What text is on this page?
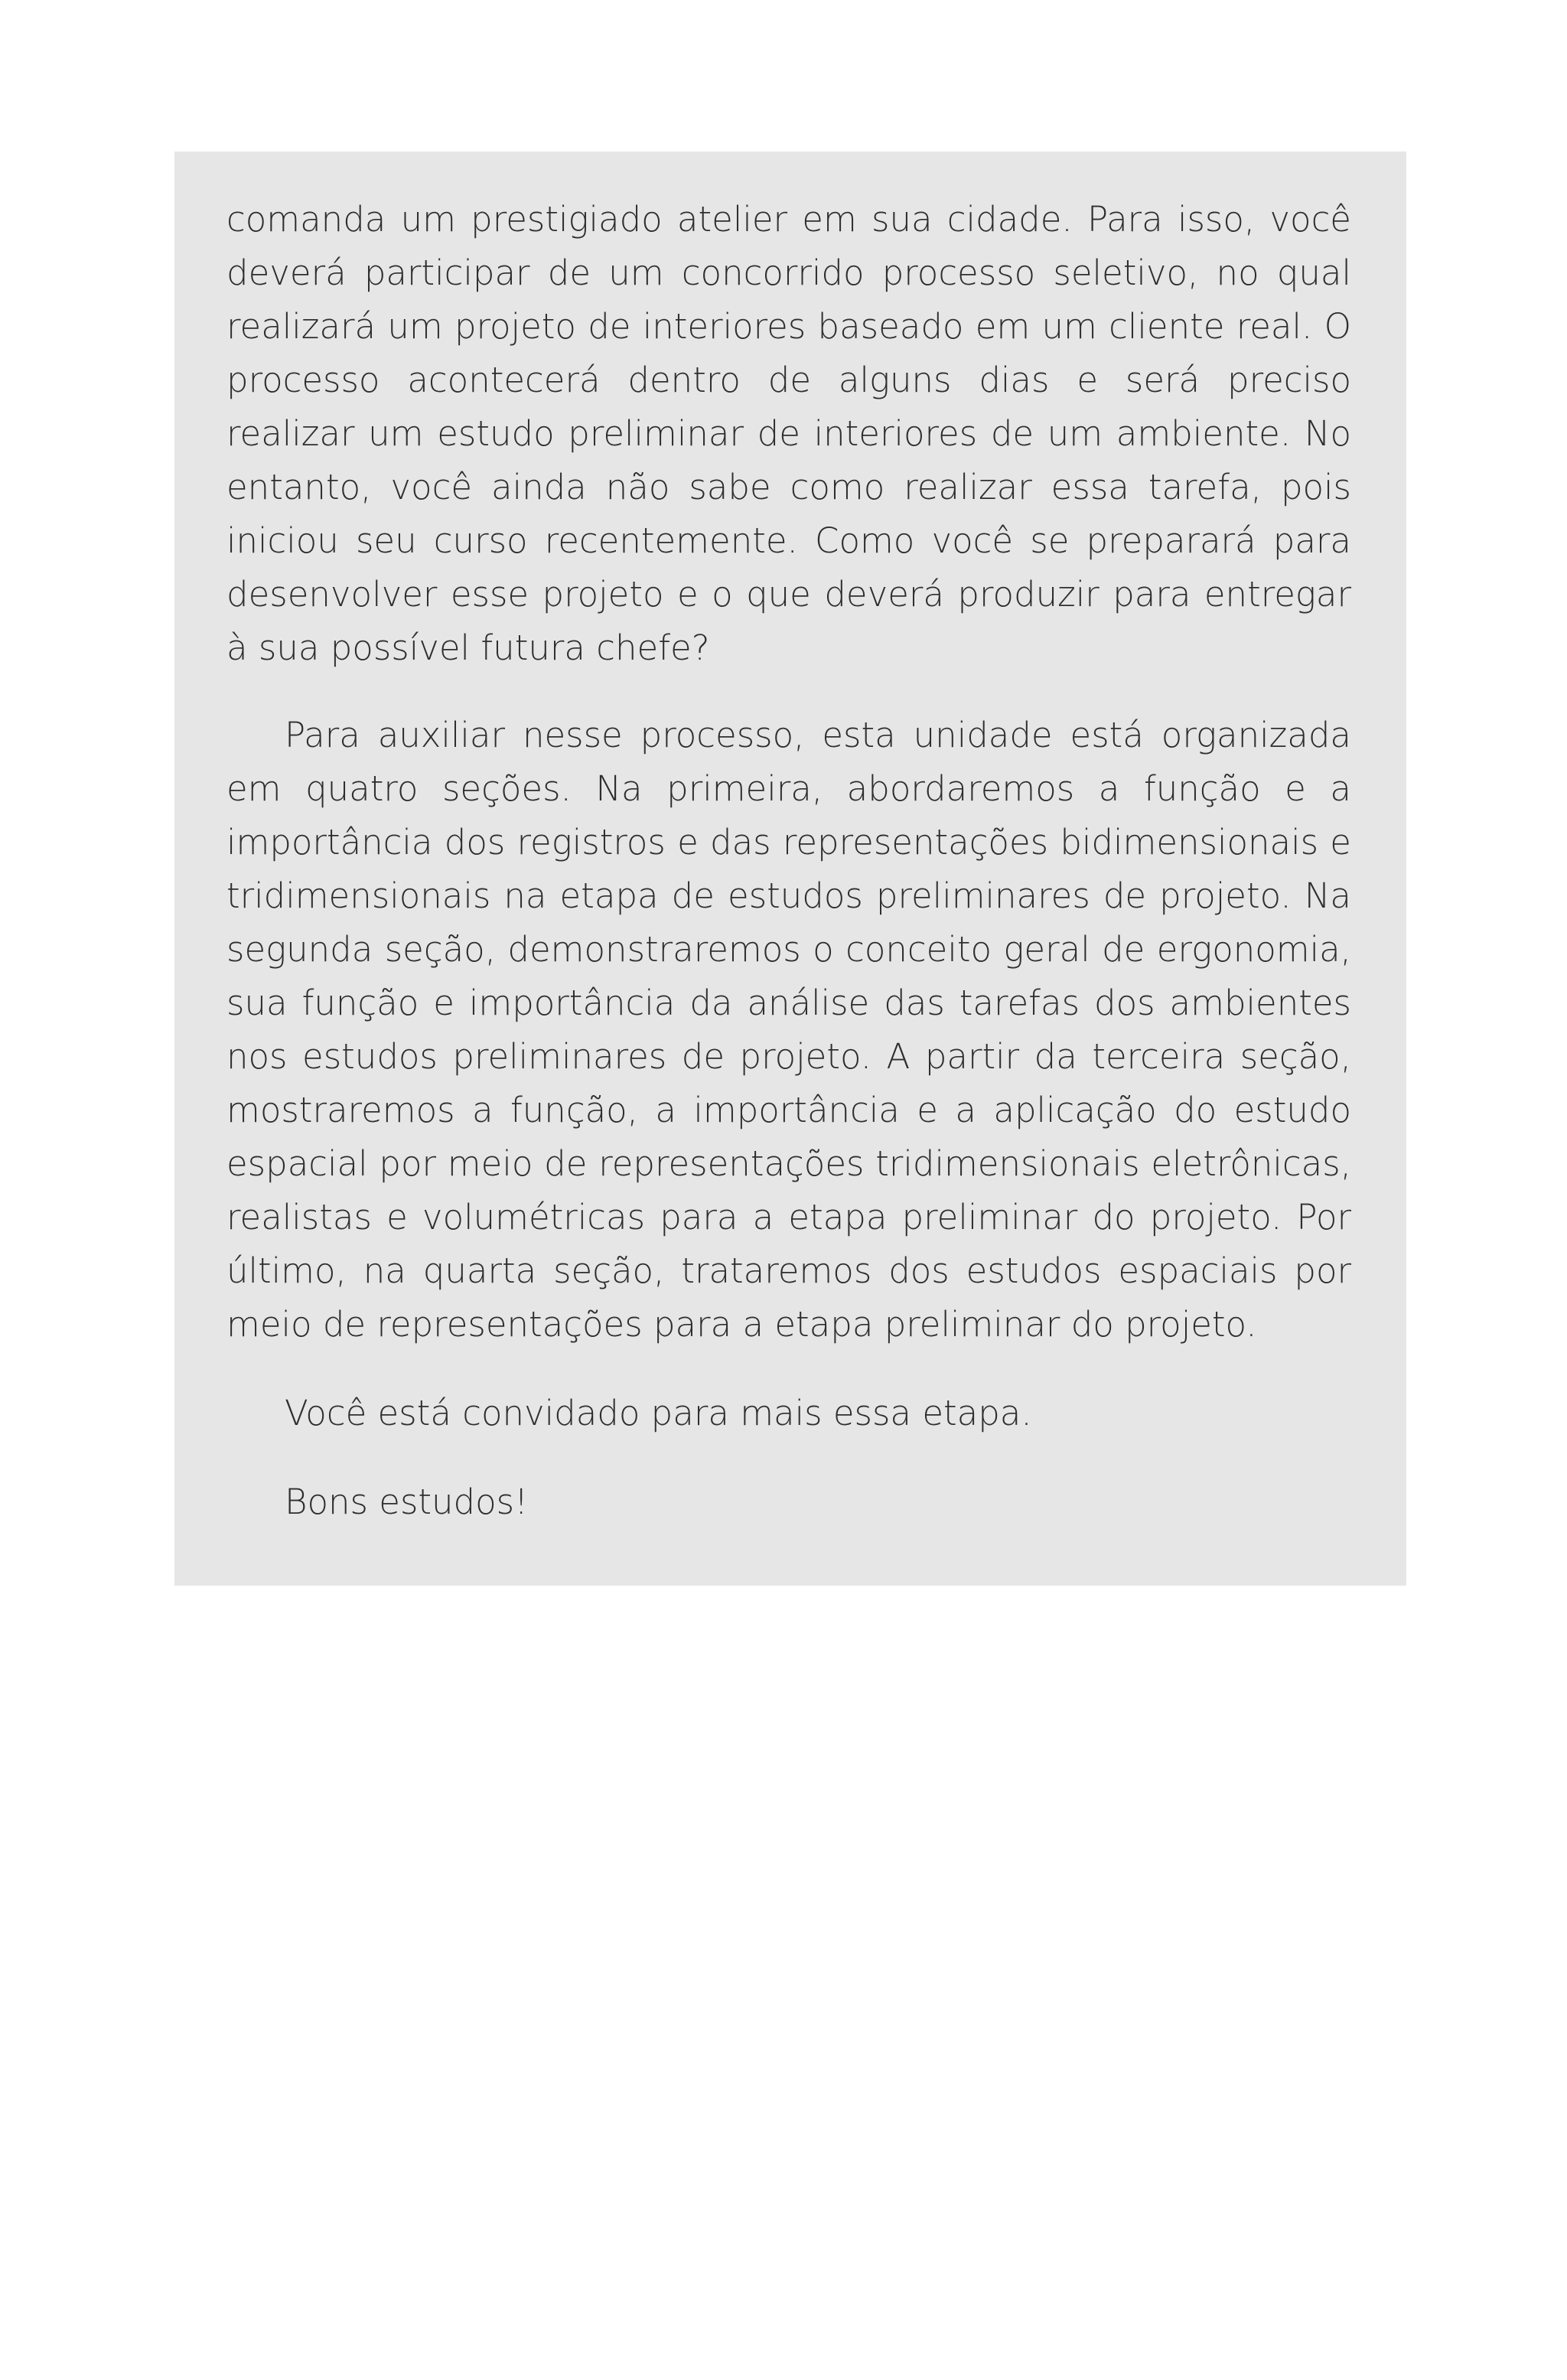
comanda um prestigiado atelier em sua cidade. Para isso, você deverá participar de um concorrido processo seletivo, no qual realizará um projeto de interiores baseado em um cliente real. O processo acontecerá dentro de alguns dias e será preciso realizar um estudo preliminar de interiores de um ambiente. No entanto, você ainda não sabe como realizar essa tarefa, pois iniciou seu curso recentemente. Como você se preparará para desenvolver esse projeto e o que deverá produzir para entregar à sua possível futura chefe?

Para auxiliar nesse processo, esta unidade está organizada em quatro seções. Na primeira, abordaremos a função e a importância dos registros e das representações bidimensionais e tridimensionais na etapa de estudos preliminares de projeto. Na segunda seção, demonstraremos o conceito geral de ergonomia, sua função e importância da análise das tarefas dos ambientes nos estudos preliminares de projeto. A partir da terceira seção, mostraremos a função, a importância e a aplicação do estudo espacial por meio de representações tridimensionais eletrônicas, realistas e volumétricas para a etapa preliminar do projeto. Por último, na quarta seção, trataremos dos estudos espaciais por meio de representações para a etapa preliminar do projeto.

Você está convidado para mais essa etapa.

Bons estudos!
